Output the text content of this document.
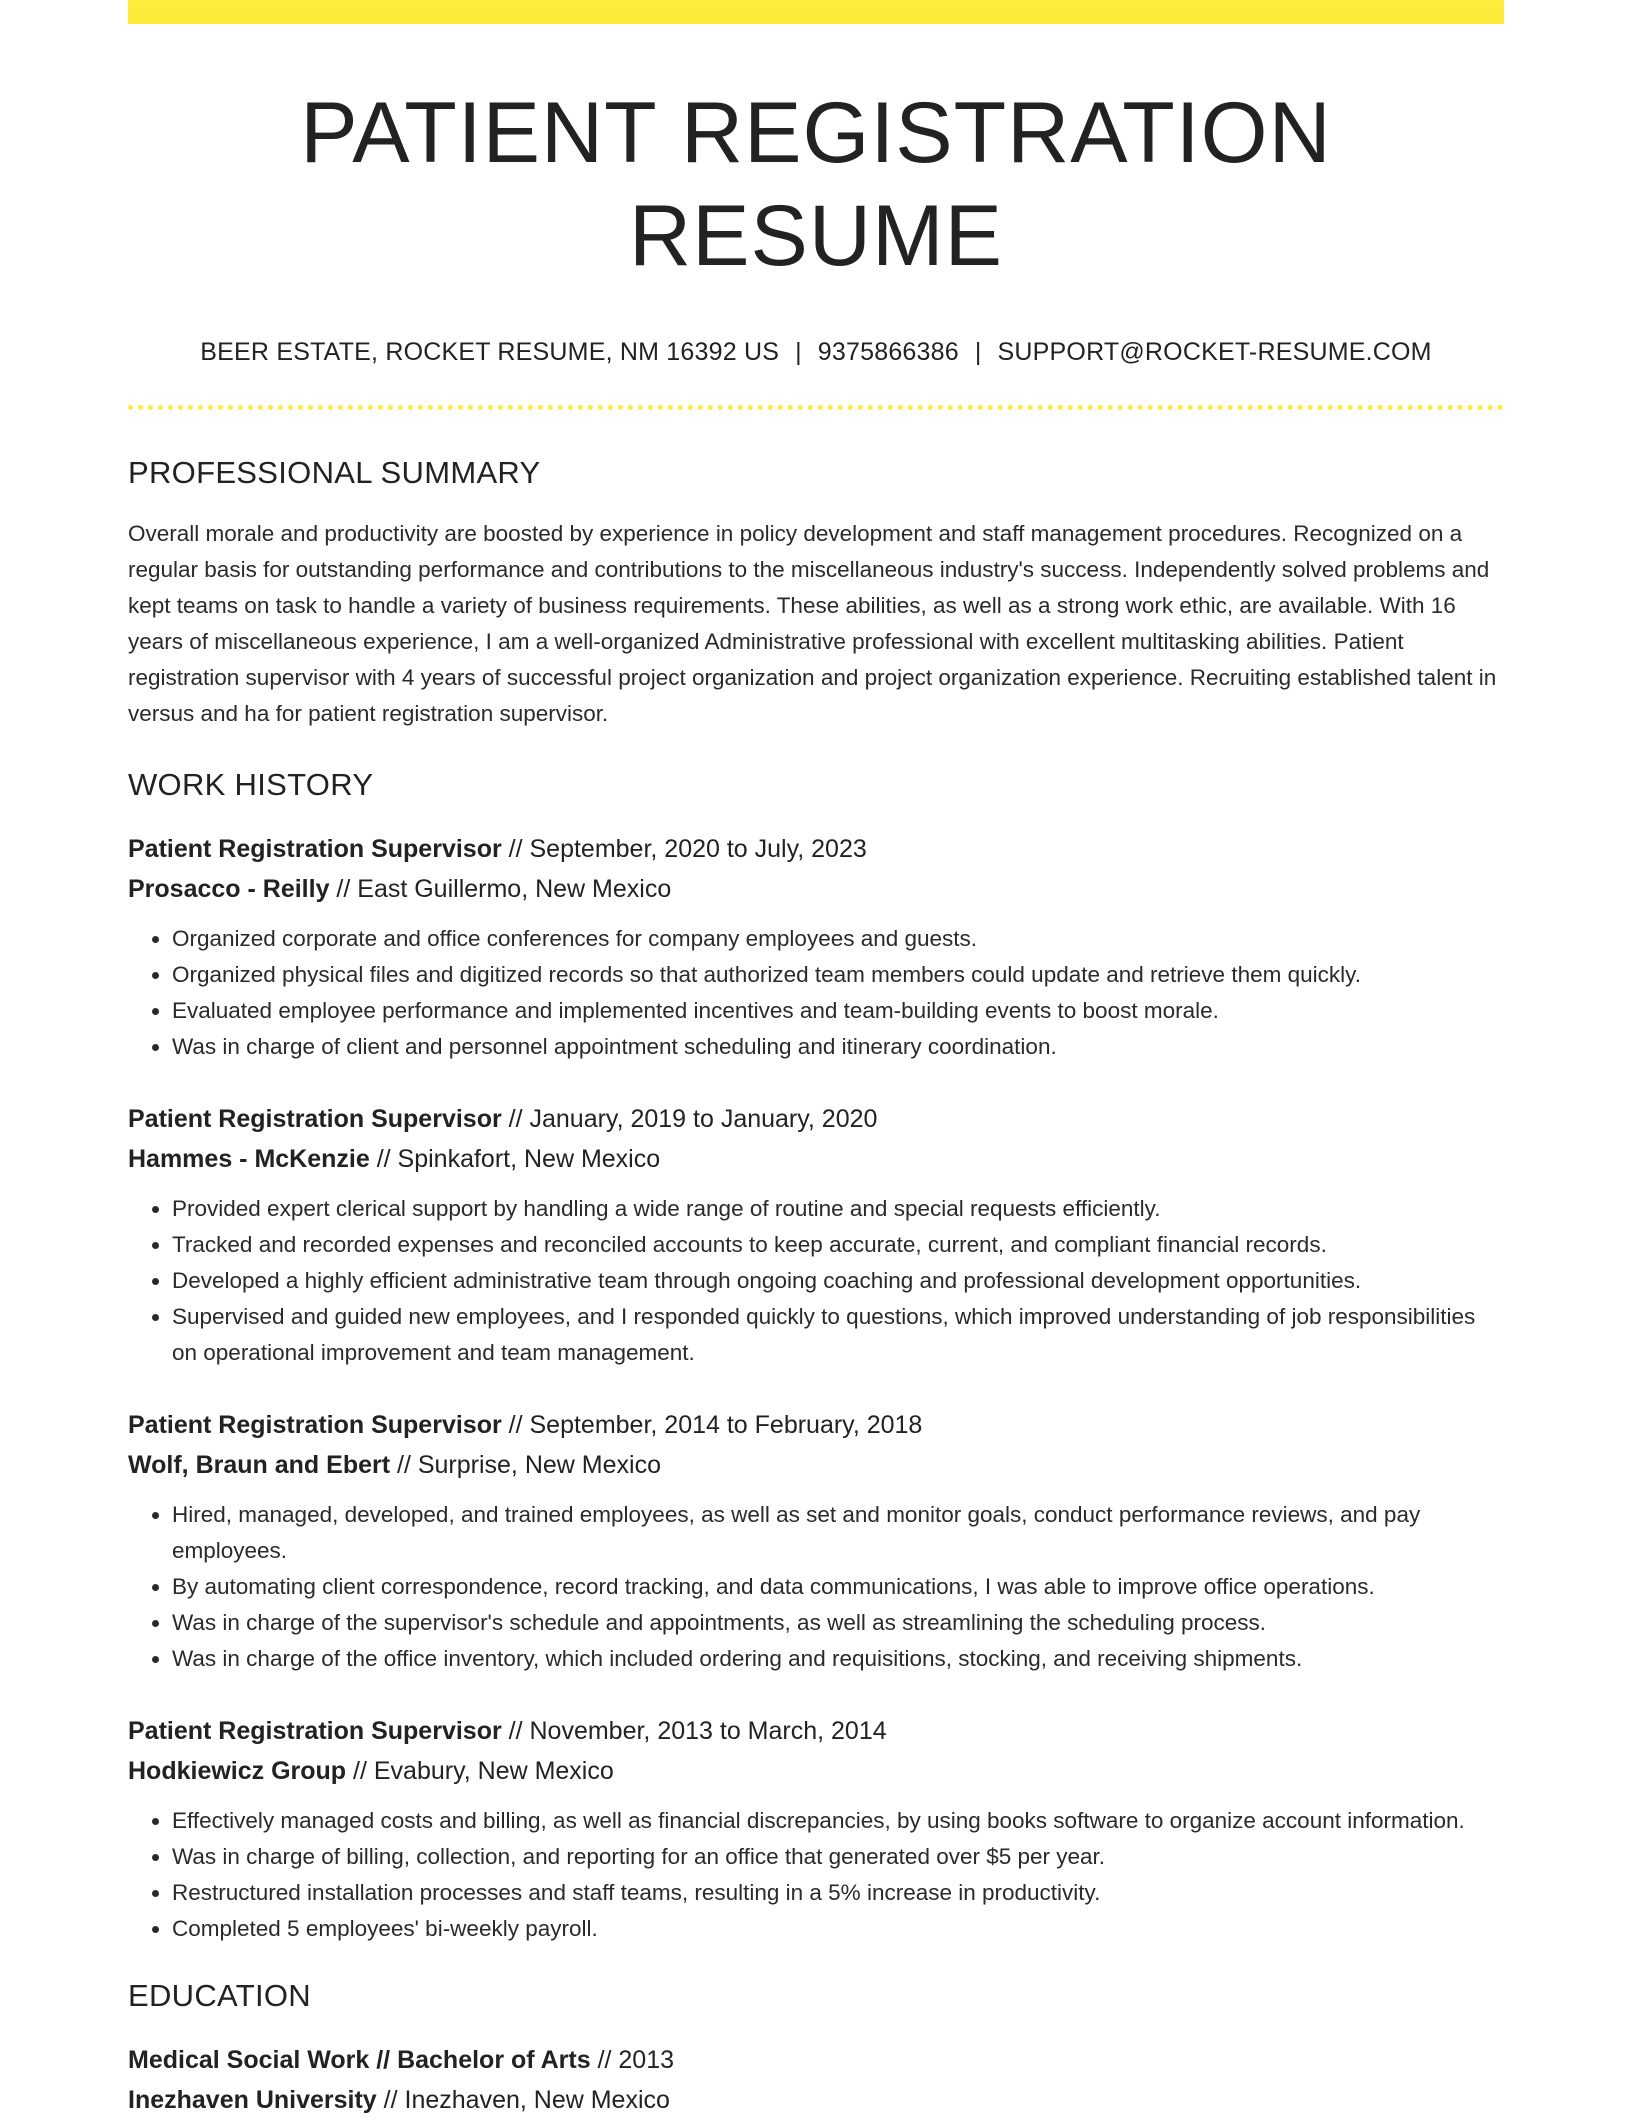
PATIENT REGISTRATION RESUME
BEER ESTATE, ROCKET RESUME, NM 16392 US | 9375866386 | SUPPORT@ROCKET-RESUME.COM
PROFESSIONAL SUMMARY

Overall morale and productivity are boosted by experience in policy development and staff management procedures. Recognized on a regular basis for outstanding performance and contributions to the miscellaneous industry's success. Independently solved problems and kept teams on task to handle a variety of business requirements. These abilities, as well as a strong work ethic, are available. With 16 years of miscellaneous experience, I am a well-organized Administrative professional with excellent multitasking abilities. Patient registration supervisor with 4 years of successful project organization and project organization experience. Recruiting established talent in versus and ha for patient registration supervisor.

WORK HISTORY
Patient Registration Supervisor // September, 2020 to July, 2023
Prosacco - Reilly // East Guillermo, New Mexico
• Organized corporate and office conferences for company employees and guests.
• Organized physical files and digitized records so that authorized team members could update and retrieve them quickly.
• Evaluated employee performance and implemented incentives and team-building events to boost morale.
• Was in charge of client and personnel appointment scheduling and itinerary coordination.
Patient Registration Supervisor // January, 2019 to January, 2020
Hammes - McKenzie // Spinkafort, New Mexico
• Provided expert clerical support by handling a wide range of routine and special requests efficiently.
• Tracked and recorded expenses and reconciled accounts to keep accurate, current, and compliant financial records.
• Developed a highly efficient administrative team through ongoing coaching and professional development opportunities.
• Supervised and guided new employees, and I responded quickly to questions, which improved understanding of job responsibilities on operational improvement and team management.
Patient Registration Supervisor // September, 2014 to February, 2018
Wolf, Braun and Ebert // Surprise, New Mexico
• Hired, managed, developed, and trained employees, as well as set and monitor goals, conduct performance reviews, and pay employees.
• By automating client correspondence, record tracking, and data communications, I was able to improve office operations.
• Was in charge of the supervisor's schedule and appointments, as well as streamlining the scheduling process.
• Was in charge of the office inventory, which included ordering and requisitions, stocking, and receiving shipments.
Patient Registration Supervisor // November, 2013 to March, 2014
Hodkiewicz Group // Evabury, New Mexico
• Effectively managed costs and billing, as well as financial discrepancies, by using books software to organize account information.
• Was in charge of billing, collection, and reporting for an office that generated over $5 per year.
• Restructured installation processes and staff teams, resulting in a 5% increase in productivity.
• Completed 5 employees' bi-weekly payroll.
EDUCATION
Medical Social Work // Bachelor of Arts // 2013
Inezhaven University // Inezhaven, New Mexico
